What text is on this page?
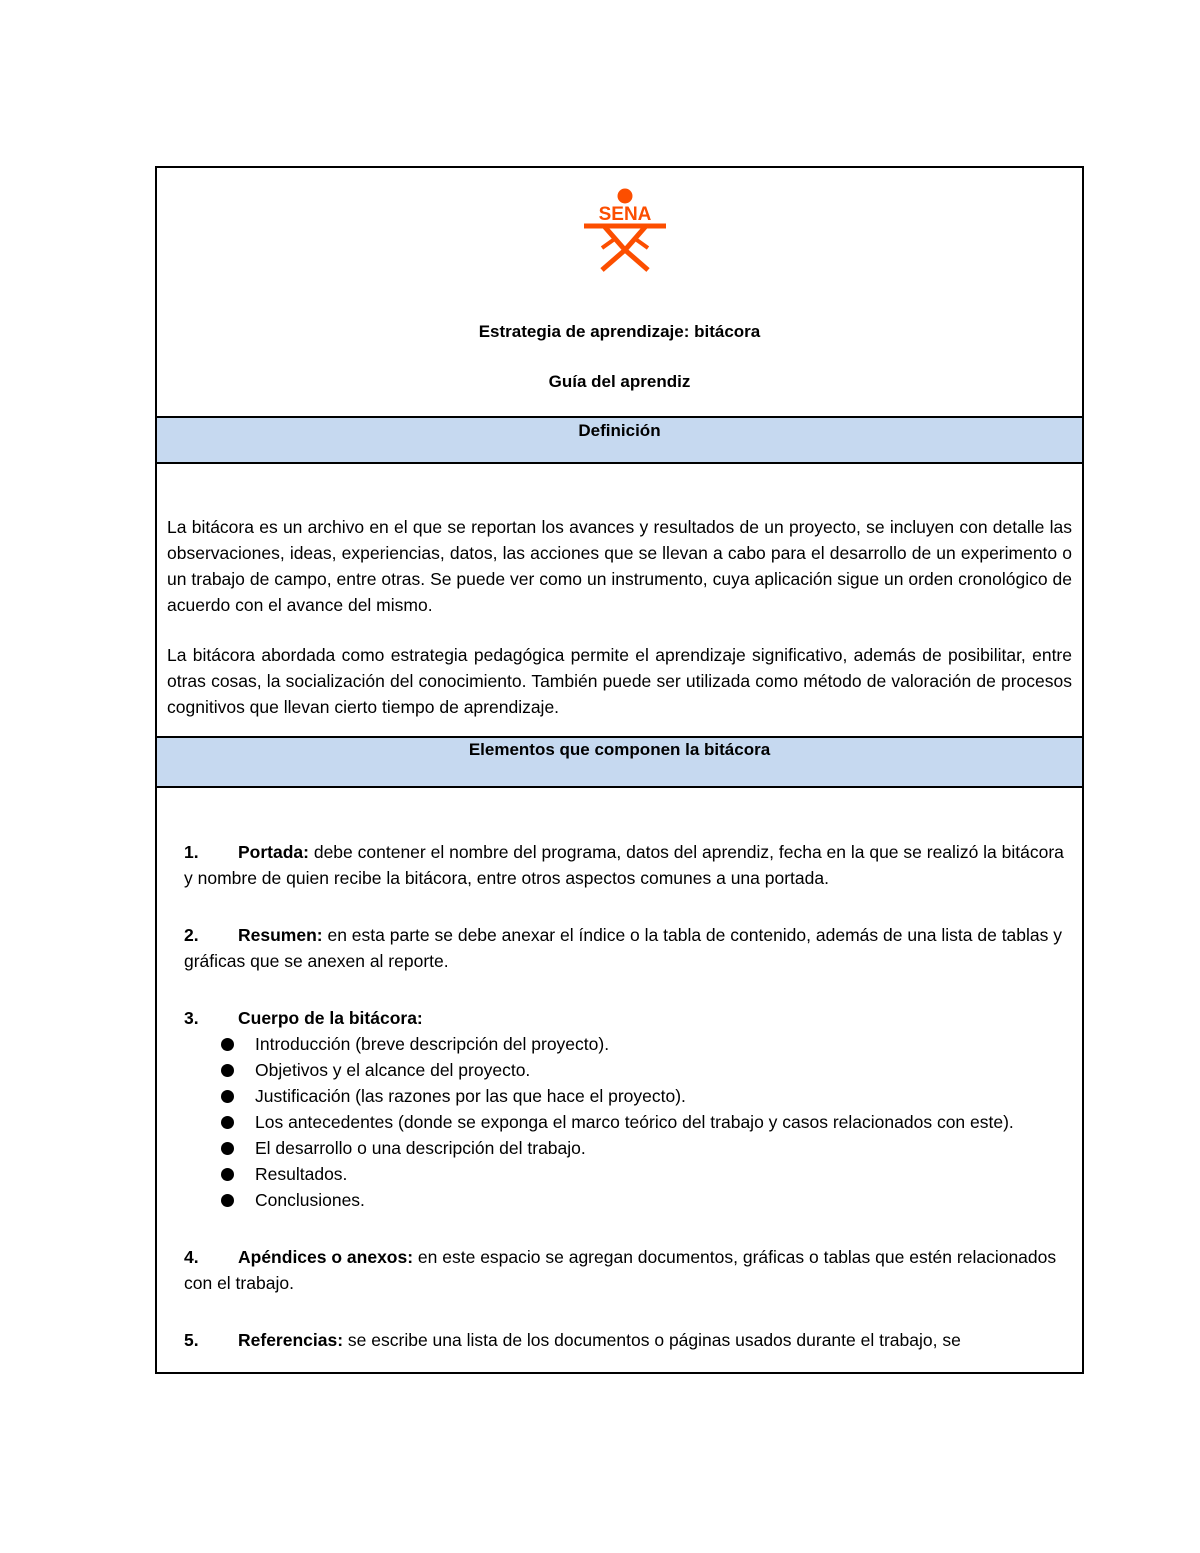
SENA
Estrategia de aprendizaje: bitácora
Guía del aprendiz
Definición

La bitácora es un archivo en el que se reportan los avances y resultados de un proyecto, se incluyen con detalle las observaciones, ideas, experiencias, datos, las acciones que se llevan a cabo para el desarrollo de un experimento o un trabajo de campo, entre otras. Se puede ver como un instrumento, cuya aplicación sigue un orden cronológico de acuerdo con el avance del mismo.

La bitácora abordada como estrategia pedagógica permite el aprendizaje significativo, además de posibilitar, entre otras cosas, la socialización del conocimiento. También puede ser utilizada como método de valoración de procesos cognitivos que llevan cierto tiempo de aprendizaje.

Elementos que componen la bitácora

1. Portada: debe contener el nombre del programa, datos del aprendiz, fecha en la que se realizó la bitácora y nombre de quien recibe la bitácora, entre otros aspectos comunes a una portada.

2. Resumen: en esta parte se debe anexar el índice o la tabla de contenido, además de una lista de tablas y gráficas que se anexen al reporte.

3. Cuerpo de la bitácora:

Introducción (breve descripción del proyecto).
Objetivos y el alcance del proyecto.
Justificación (las razones por las que hace el proyecto).
Los antecedentes (donde se exponga el marco teórico del trabajo y casos relacionados con este).
El desarrollo o una descripción del trabajo.
Resultados.
Conclusiones.

4. Apéndices o anexos: en este espacio se agregan documentos, gráficas o tablas que estén relacionados con el trabajo.

5. Referencias: se escribe una lista de los documentos o páginas usados durante el trabajo, se
